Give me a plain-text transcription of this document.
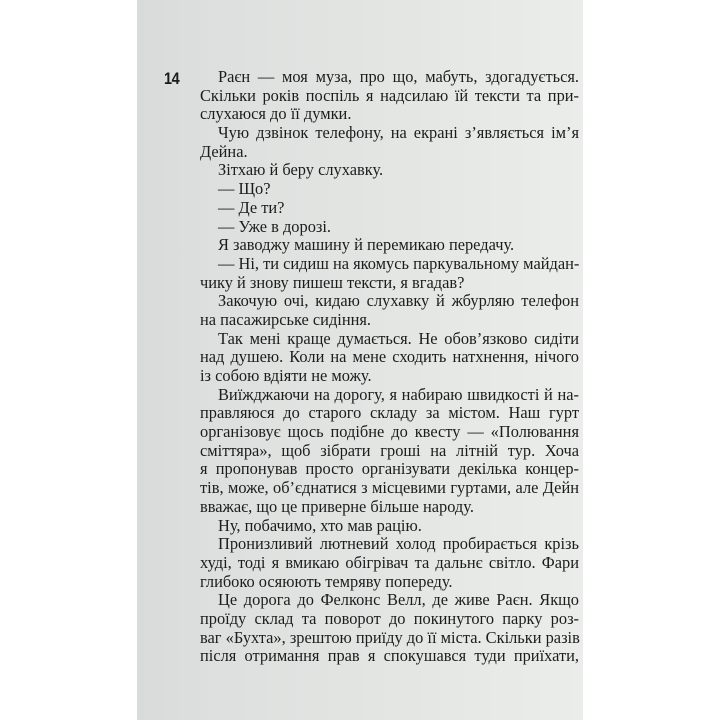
14	Раєн — моя муза, про що, мабуть, здогадується.
Скільки років поспіль я надсилаю їй тексти та при-
слухаюся до її думки.
Чую дзвінок телефону, на екрані з’являється ім’я
Дейна.
Зітхаю й беру слухавку.
— Що?
— Де ти?
— Уже в дорозі.
Я заводжу машину й перемикаю передачу.
— Ні, ти сидиш на якомусь паркувальному майдан-
чику й знову пишеш тексти, я вгадав?
Закочую очі, кидаю слухавку й жбурляю телефон
на пасажирське сидіння.
Так мені краще думається. Не обов’язково сидіти
над душею. Коли на мене сходить натхнення, нічого
із собою вдіяти не можу.
Виїжджаючи на дорогу, я набираю швидкості й на-
правляюся до старого складу за містом. Наш гурт
організовує щось подібне до квесту — «Полювання
сміттяра», щоб зібрати гроші на літній тур. Хоча
я пропонував просто організувати декілька концер-
тів, може, об’єднатися з місцевими гуртами, але Дейн
вважає, що це приверне більше народу.
Ну, побачимо, хто мав рацію.
Пронизливий лютневий холод пробирається крізь
худі, тоді я вмикаю обігрівач та дальнє світло. Фари
глибоко осяюють темряву попереду.
Це дорога до Фелконс Велл, де живе Раєн. Якщо
проїду склад та поворот до покинутого парку роз-
ваг «Бухта», зрештою приїду до її міста. Скільки разів
після отримання прав я спокушався туди приїхати,
